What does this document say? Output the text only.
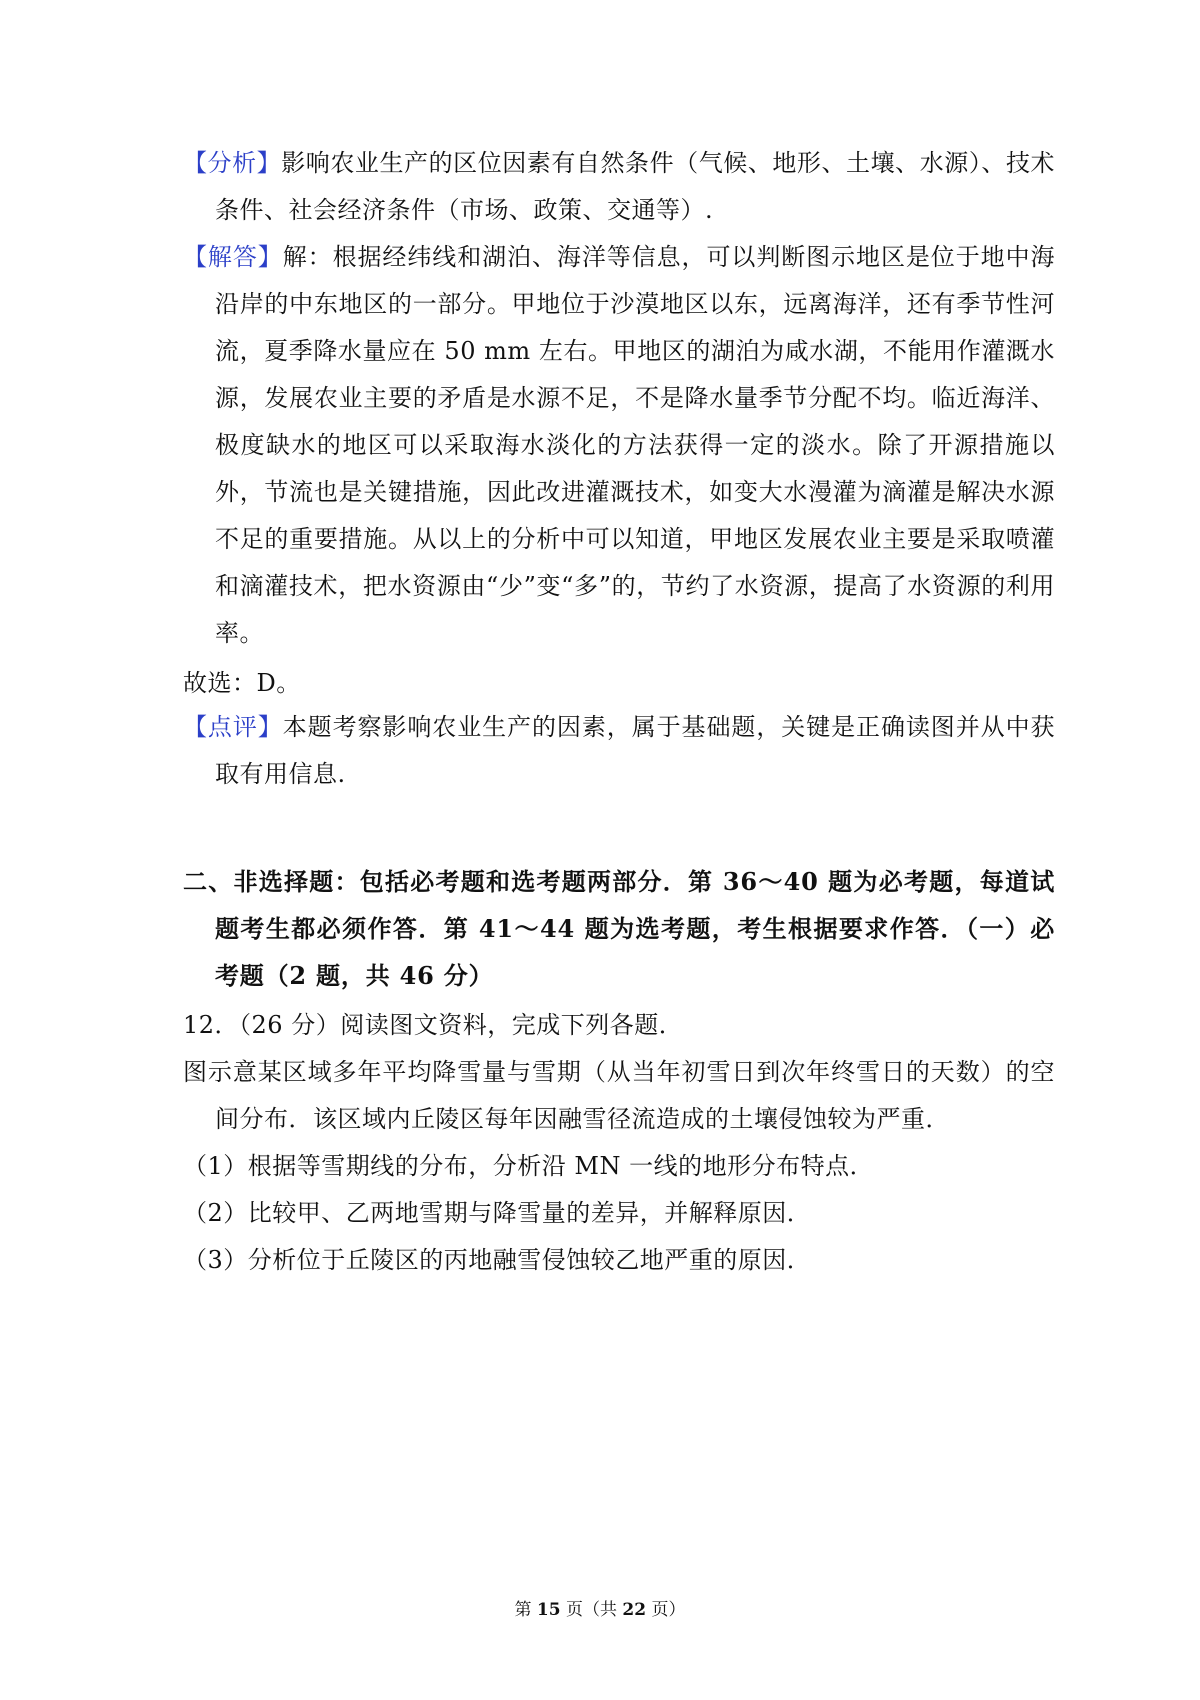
【分析】影响农业生产的区位因素有自然条件（气候、地形、土壤、水源）、技术条件、社会经济条件（市场、政策、交通等）.
【解答】解：根据经纬线和湖泊、海洋等信息，可以判断图示地区是位于地中海沿岸的中东地区的一部分。甲地位于沙漠地区以东，远离海洋，还有季节性河流，夏季降水量应在 50 mm 左右。甲地区的湖泊为咸水湖，不能用作灌溉水源，发展农业主要的矛盾是水源不足，不是降水量季节分配不均。临近海洋、极度缺水的地区可以采取海水淡化的方法获得一定的淡水。除了开源措施以外，节流也是关键措施，因此改进灌溉技术，如变大水漫灌为滴灌是解决水源不足的重要措施。从以上的分析中可以知道，甲地区发展农业主要是采取喷灌和滴灌技术，把水资源由“少”变“多”的，节约了水资源，提高了水资源的利用率。
故选：D。
【点评】本题考察影响农业生产的因素，属于基础题，关键是正确读图并从中获取有用信息.
二、非选择题：包括必考题和选考题两部分．第 36～40 题为必考题，每道试题考生都必须作答．第 41～44 题为选考题，考生根据要求作答．（一）必考题（2 题，共 46 分）
12．（26 分）阅读图文资料，完成下列各题．
图示意某区域多年平均降雪量与雪期（从当年初雪日到次年终雪日的天数）的空间分布．该区域内丘陵区每年因融雪径流造成的土壤侵蚀较为严重．
（1）根据等雪期线的分布，分析沿 MN 一线的地形分布特点．
（2）比较甲、乙两地雪期与降雪量的差异，并解释原因．
（3）分析位于丘陵区的丙地融雪侵蚀较乙地严重的原因．
第 15 页（共 22 页）
